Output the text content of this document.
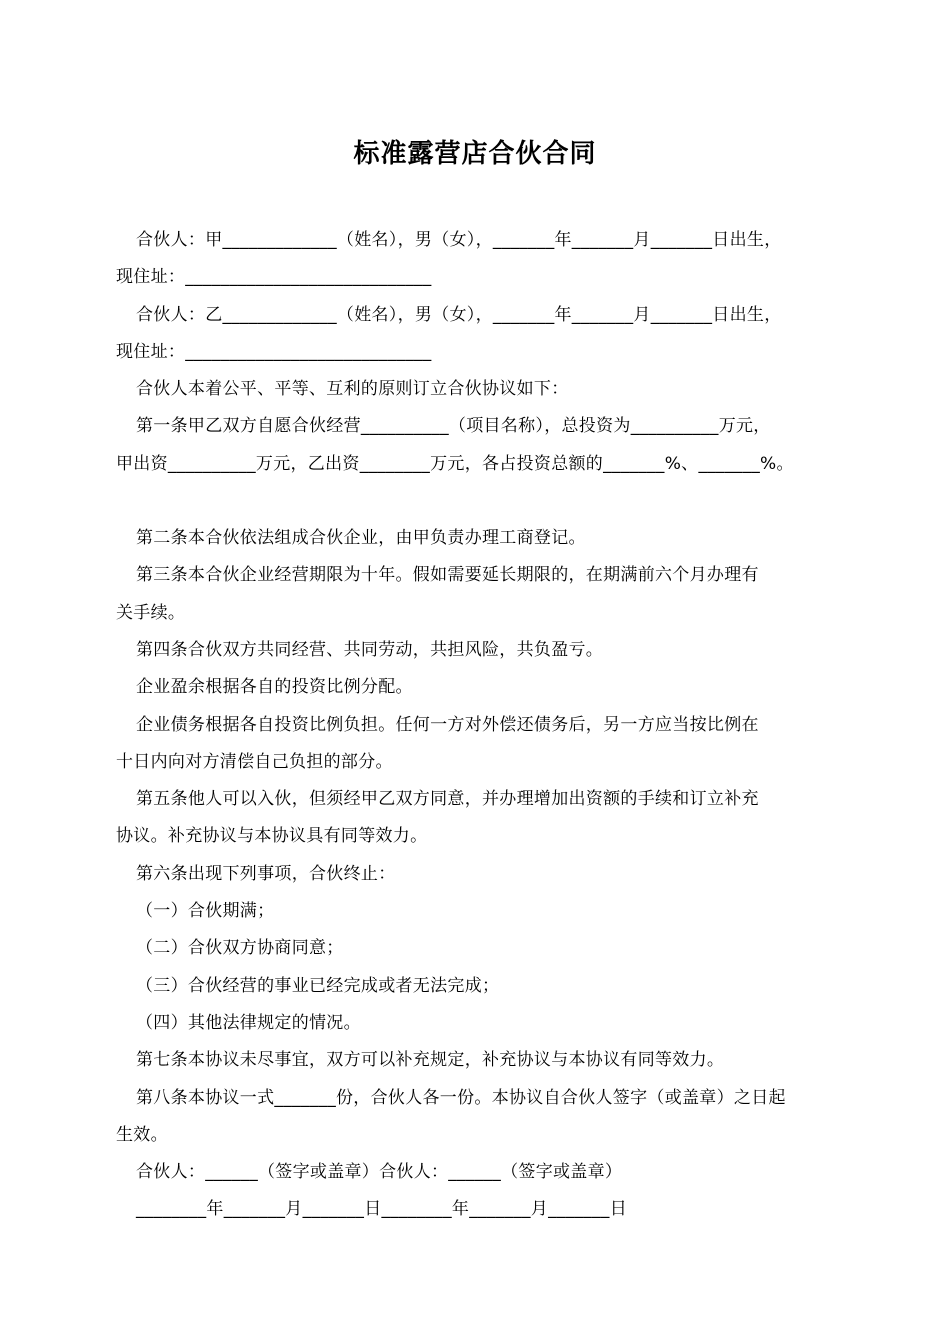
标准露营店合伙合同
合伙人：甲_____________（姓名），男（女），_______年_______月_______日出生，
现住址：____________________________
合伙人：乙_____________（姓名），男（女），_______年_______月_______日出生，
现住址：____________________________
合伙人本着公平、平等、互利的原则订立合伙协议如下：
第一条甲乙双方自愿合伙经营__________（项目名称），总投资为__________万元，
甲出资__________万元，乙出资________万元，各占投资总额的_______%、_______%。
第二条本合伙依法组成合伙企业，由甲负责办理工商登记。
第三条本合伙企业经营期限为十年。假如需要延长期限的，在期满前六个月办理有
关手续。
第四条合伙双方共同经营、共同劳动，共担风险，共负盈亏。
企业盈余根据各自的投资比例分配。
企业债务根据各自投资比例负担。任何一方对外偿还债务后，另一方应当按比例在
十日内向对方清偿自己负担的部分。
第五条他人可以入伙，但须经甲乙双方同意，并办理增加出资额的手续和订立补充
协议。补充协议与本协议具有同等效力。
第六条出现下列事项，合伙终止：
（一）合伙期满；
（二）合伙双方协商同意；
（三）合伙经营的事业已经完成或者无法完成；
（四）其他法律规定的情况。
第七条本协议未尽事宜，双方可以补充规定，补充协议与本协议有同等效力。
第八条本协议一式_______份，合伙人各一份。本协议自合伙人签字（或盖章）之日起
生效。
合伙人：______（签字或盖章）合伙人：______（签字或盖章）
________年_______月_______日________年_______月_______日
